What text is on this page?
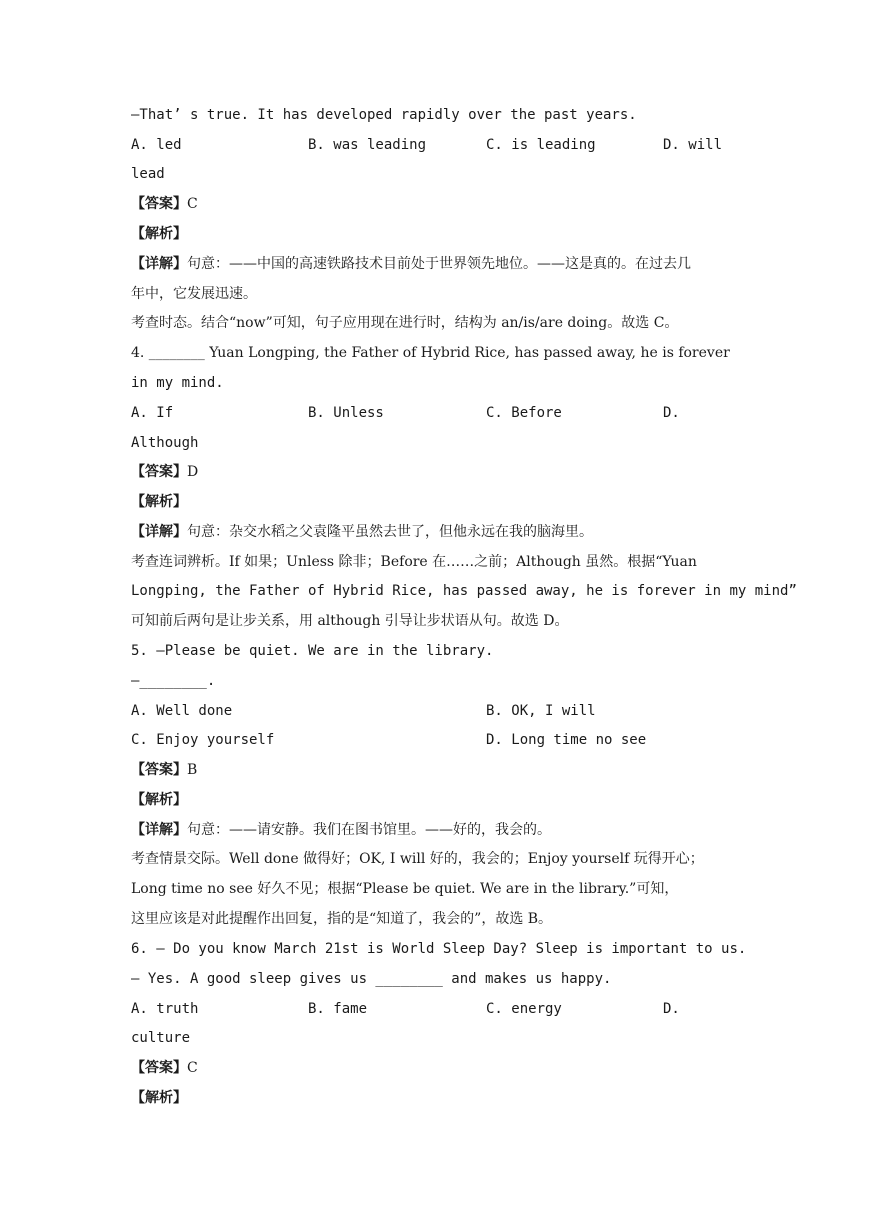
—That’ s true. It has developed rapidly over the past years.
A. led	B. was leading	C. is leading	D. will
lead
【答案】C
【解析】
【详解】句意：——中国的高速铁路技术目前处于世界领先地位。——这是真的。在过去几
年中，它发展迅速。
考查时态。结合“now”可知，句子应用现在进行时，结构为 an/is/are doing。故选 C。
4. ________ Yuan Longping, the Father of Hybrid Rice, has passed away, he is forever
in my mind.
A. If	B. Unless	C. Before	D.
Although
【答案】D
【解析】
【详解】句意：杂交水稻之父袁隆平虽然去世了，但他永远在我的脑海里。
考查连词辨析。If 如果；Unless 除非；Before 在……之前；Although 虽然。根据“Yuan
Longping, the Father of Hybrid Rice, has passed away, he is forever in my mind”
可知前后两句是让步关系，用 although 引导让步状语从句。故选 D。
5. —Please be quiet. We are in the library.
—________.
A. Well done	B. OK, I will
C. Enjoy yourself	D. Long time no see
【答案】B
【解析】
【详解】句意：——请安静。我们在图书馆里。——好的，我会的。
考查情景交际。Well done 做得好；OK, I will 好的，我会的；Enjoy yourself 玩得开心；
Long time no see 好久不见；根据“Please be quiet. We are in the library.”可知，
这里应该是对此提醒作出回复，指的是“知道了，我会的”，故选 B。
6. — Do you know March 21st is World Sleep Day? Sleep is important to us.
— Yes. A good sleep gives us ________ and makes us happy.
A. truth	B. fame	C. energy	D.
culture
【答案】C
【解析】
